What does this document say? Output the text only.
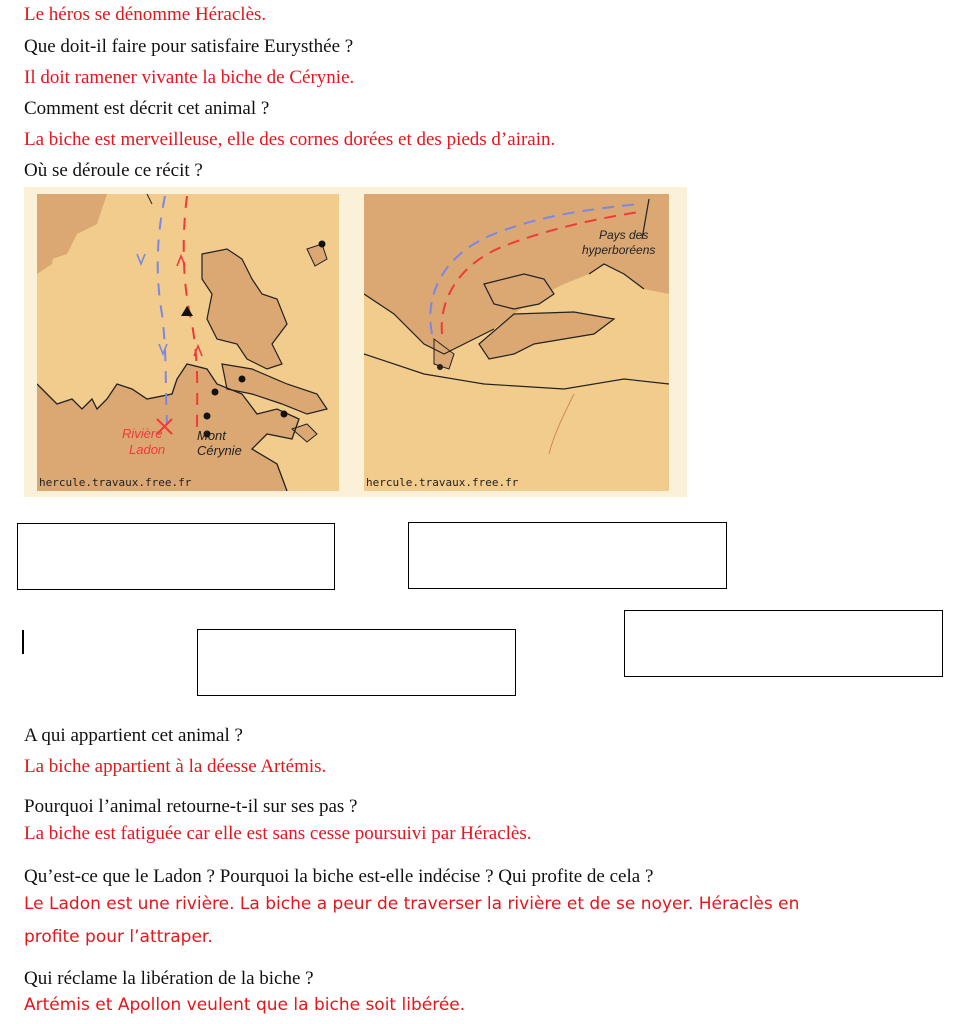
Le héros se dénomme Héraclès.
Que doit-il faire pour satisfaire Eurysthée ?
Il doit ramener vivante la biche de Cérynie.
Comment est décrit cet animal ?
La biche est merveilleuse, elle des cornes dorées et des pieds d’airain.
Où se déroule ce récit ?
Rivière
Ladon
Mont
Cérynie
hercule.travaux.free.fr
Pays des
hyperboréens
hercule.travaux.free.fr
A qui appartient cet animal ?
La biche appartient à la déesse Artémis.
Pourquoi l’animal retourne-t-il sur ses pas ?
La biche est fatiguée car elle est sans cesse poursuivi par Héraclès.
Qu’est-ce que le Ladon ? Pourquoi la biche est-elle indécise ? Qui profite de cela ?
Le Ladon est une rivière. La biche a peur de traverser la rivière et de se noyer. Héraclès en
profite pour l’attraper.
Qui réclame la libération de la biche ?
Artémis et Apollon veulent que la biche soit libérée.
